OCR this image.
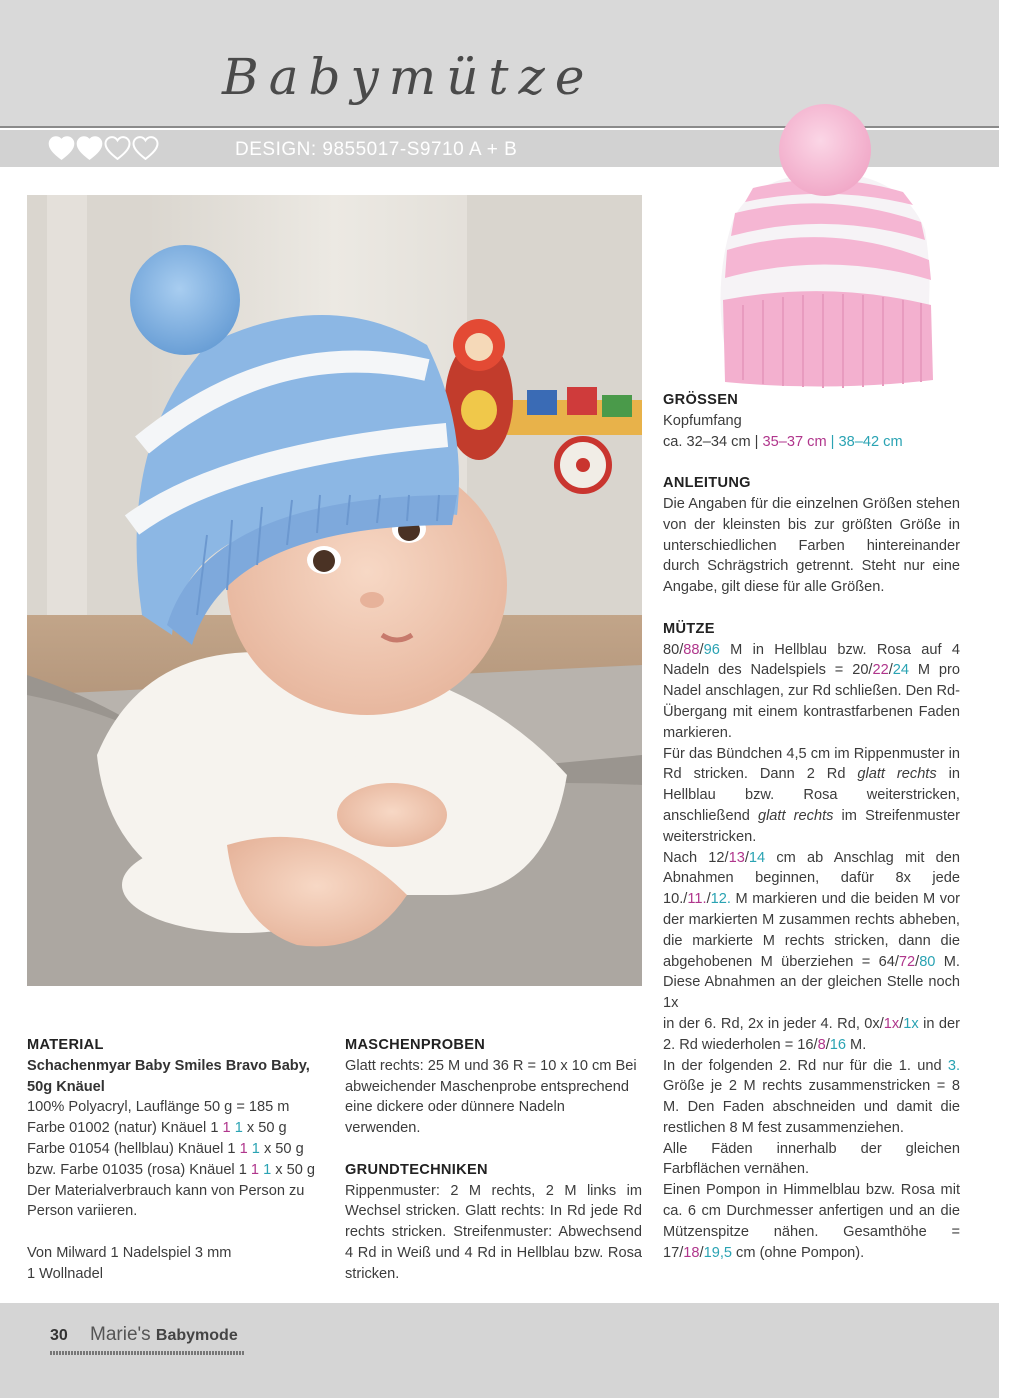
Babymütze
DESIGN: 9855017-S9710 A + B
GRÖSSEN

Kopfumfang

ca. 32–34 cm | 35–37 cm | 38–42 cm

ANLEITUNG

Die Angaben für die einzelnen Größen stehen von der kleinsten bis zur größten Größe in unterschiedlichen Farben hintereinander durch Schrägstrich getrennt. Steht nur eine Angabe, gilt diese für alle Größen.

MÜTZE

80/88/96 M in Hellblau bzw. Rosa auf 4 Nadeln des Nadelspiels = 20/22/24 M pro Nadel anschlagen, zur Rd schließen. Den Rd-Übergang mit einem kontrastfarbenen Faden markieren.

Für das Bündchen 4,5 cm im Rippenmuster in Rd stricken. Dann 2 Rd glatt rechts in Hellblau bzw. Rosa weiterstricken, anschließend glatt rechts im Streifenmuster weiterstricken.

Nach 12/13/14 cm ab Anschlag mit den Abnahmen beginnen, dafür 8x jede 10./11./12. M markieren und die beiden M vor der markierten M zusammen rechts abheben, die markierte M rechts stricken, dann die abgehobenen M überziehen = 64/72/80 M. Diese Abnahmen an der gleichen Stelle noch 1x

in der 6. Rd, 2x in jeder 4. Rd, 0x/1x/1x in der 2. Rd wiederholen = 16/8/16 M.

In der folgenden 2. Rd nur für die 1. und 3. Größe je 2 M rechts zusammenstricken = 8 M. Den Faden abschneiden und damit die restlichen 8 M fest zusammenziehen.

Alle Fäden innerhalb der gleichen Farbflächen vernähen.

Einen Pompon in Himmelblau bzw. Rosa mit ca. 6 cm Durchmesser anfertigen und an die Mützenspitze nähen. Gesamthöhe = 17/18/19,5 cm (ohne Pompon).

MATERIAL

Schachenmyar Baby Smiles Bravo Baby, 50g Knäuel

100% Polyacryl, Lauflänge 50 g = 185 m

Farbe 01002 (natur) Knäuel 1 1 1 x 50 g

Farbe 01054 (hellblau) Knäuel 1 1 1 x 50 g

bzw. Farbe 01035 (rosa) Knäuel 1 1 1 x 50 g

Der Materialverbrauch kann von Person zu Person variieren.

Von Milward 1 Nadelspiel 3 mm

1 Wollnadel

MASCHENPROBEN

Glatt rechts: 25 M und 36 R = 10 x 10 cm Bei abweichender Maschenprobe entsprechend eine dickere oder dünnere Nadeln verwenden.

GRUNDTECHNIKEN

Rippenmuster: 2 M rechts, 2 M links im Wechsel stricken. Glatt rechts: In Rd jede Rd rechts stricken. Streifenmuster: Abwechsend 4 Rd in Weiß und 4 Rd in Hellblau bzw. Rosa stricken.

30 Marie's Babymode
